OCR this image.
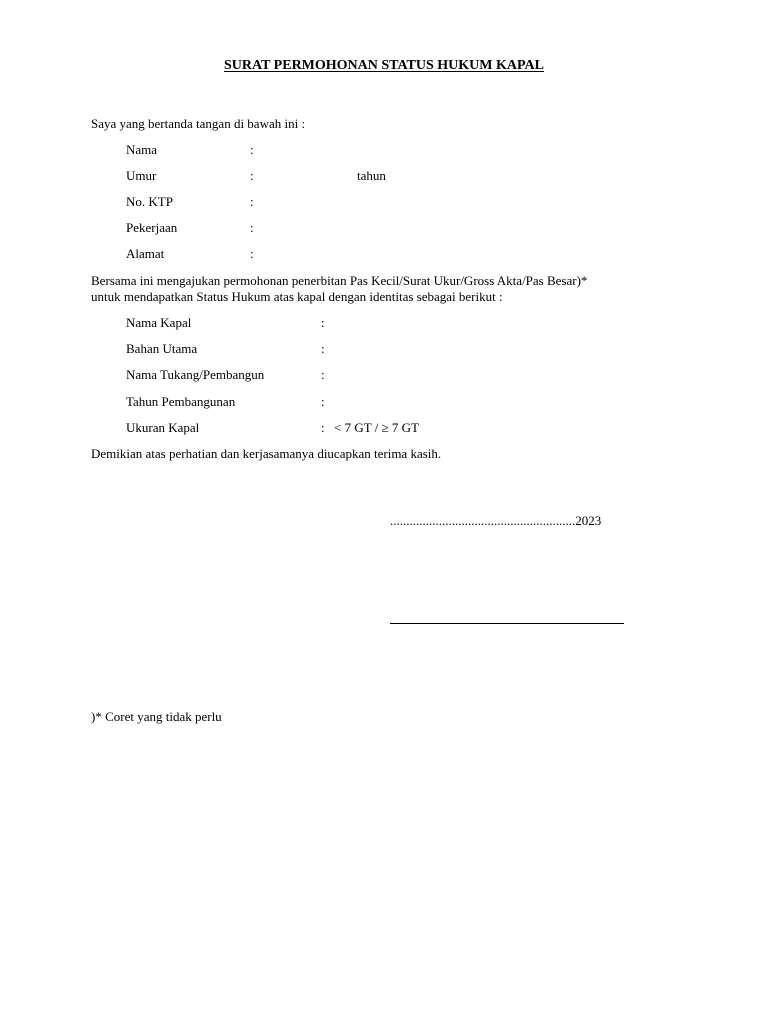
SURAT PERMOHONAN STATUS HUKUM KAPAL
Saya yang bertanda tangan di bawah ini :
Nama	:
Umur	:	tahun
No. KTP	:
Pekerjaan	:
Alamat	:
Bersama ini mengajukan permohonan penerbitan Pas Kecil/Surat Ukur/Gross Akta/Pas Besar)*
untuk mendapatkan Status Hukum atas kapal dengan identitas sebagai berikut :
Nama Kapal	:
Bahan Utama	:
Nama Tukang/Pembangun	:
Tahun Pembangunan	:
Ukuran Kapal	: < 7 GT / ≥ 7 GT
Demikian atas perhatian dan kerjasamanya diucapkan terima kasih.
.........................................................2023
)* Coret yang tidak perlu
